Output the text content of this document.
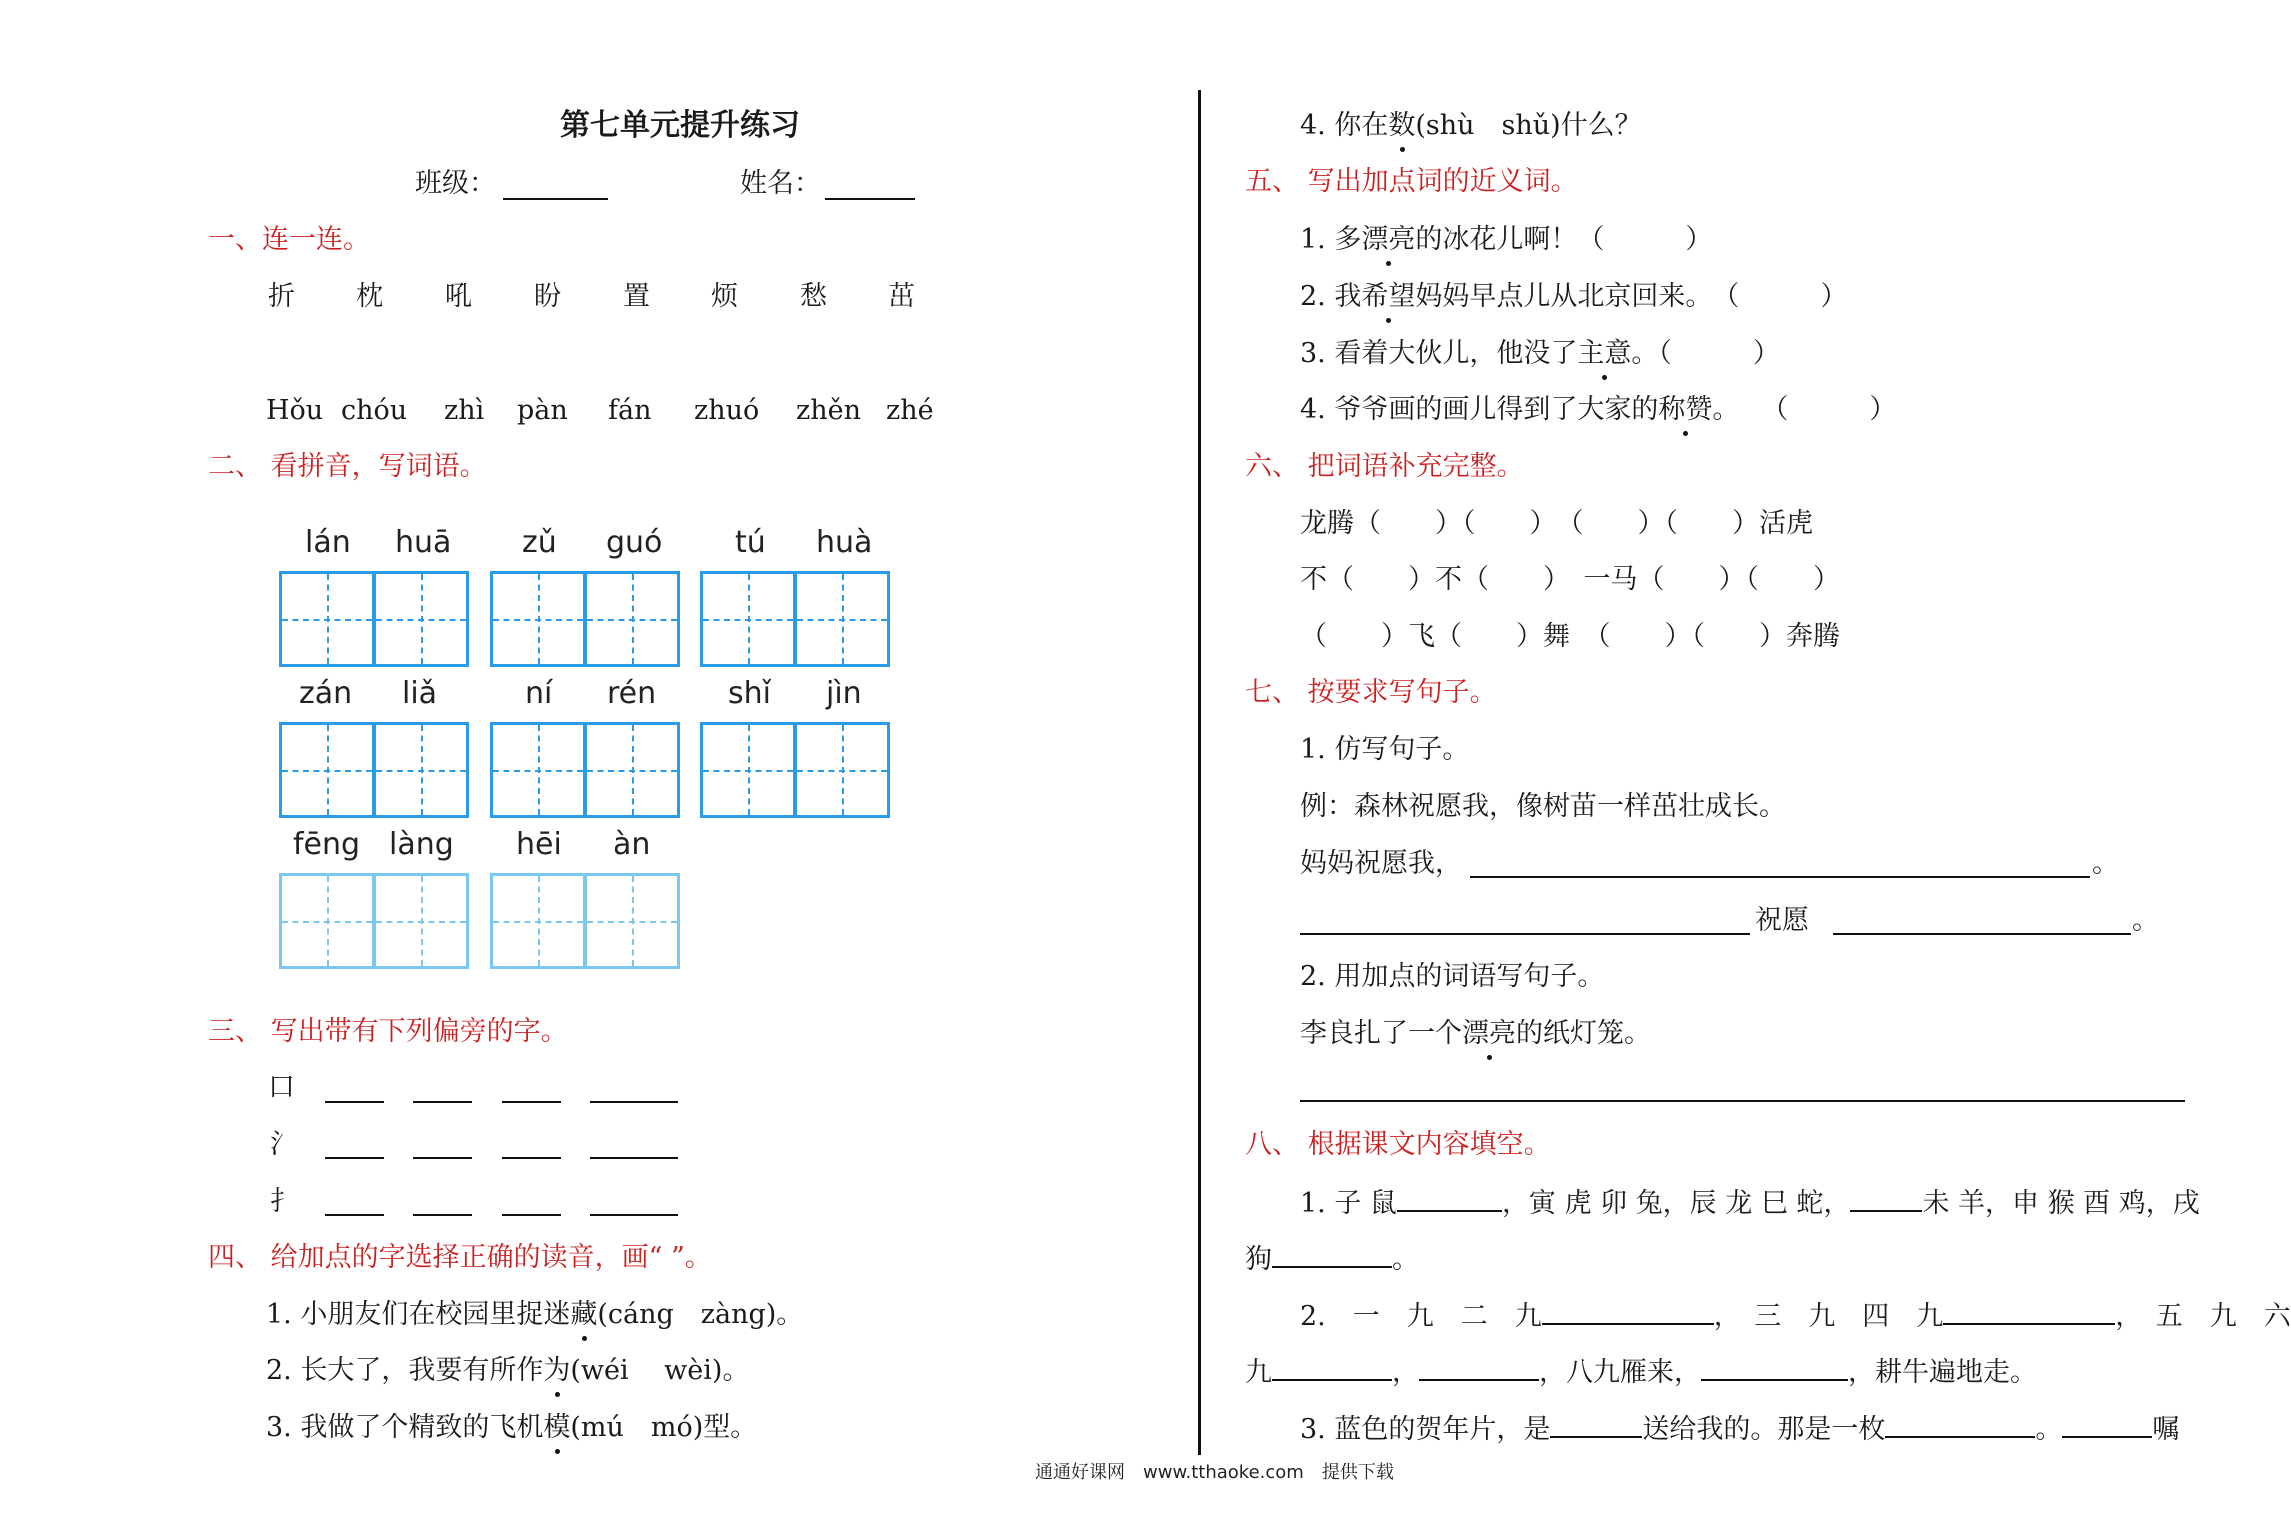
第七单元提升练习
班级：	姓名：
一、连一连。
折 枕 吼 盼 置 烦 愁 茁
Hǒu chóu zhì pàn fán zhuó zhěn zhé
二、 看拼音，写词语。
lán huā zǔ guó tú huà
zán liǎ	ní rén shǐ jìn
fēng làng hēi àn
三、 写出带有下列偏旁的字。
口
氵
扌
四、 给加点的字选择正确的读音，画“ ”。
1. 小朋友们在校园里捉迷藏(cáng　zàng)。
2. 长大了，我要有所作为(wéi　 wèi)。
3. 我做了个精致的飞机模(mú　mó)型。
4. 你在数(shù　shǔ)什么？
五、 写出加点词的近义词。
1. 多漂亮的冰花儿啊！（　　　）
2. 我希望妈妈早点儿从北京回来。　（　　　）
3. 看着大伙儿，他没了主意。（　　　）
4. 爷爷画的画儿得到了大家的称赞。　 （　　　）
六、 把词语补充完整。
龙腾（　　）（　　）　（　　）（　　）活虎
不（　　）不（　　）　一马（　　）（　　）
（　　）飞（　　）舞　（　　）（　　）奔腾
七、 按要求写句子。
1. 仿写句子。
例：森林祝愿我，像树苗一样茁壮成长。
妈妈祝愿我，	。
祝愿	。
2. 用加点的词语写句子。
李良扎了一个漂亮的纸灯笼。
八、 根据课文内容填空。
1. 子 鼠	，寅 虎 卯 兔，辰 龙 巳 蛇，	未 羊，申 猴 酉 鸡，戌
狗	。
2.　一　九　二　九	，　三　九　四　九	，　五　九　六
九	，	，八九雁来，	，耕牛遍地走。
3. 蓝色的贺年片，是	送给我的。那是一枚	。	嘱
通通好课网　www.tthaoke.com　提供下载
